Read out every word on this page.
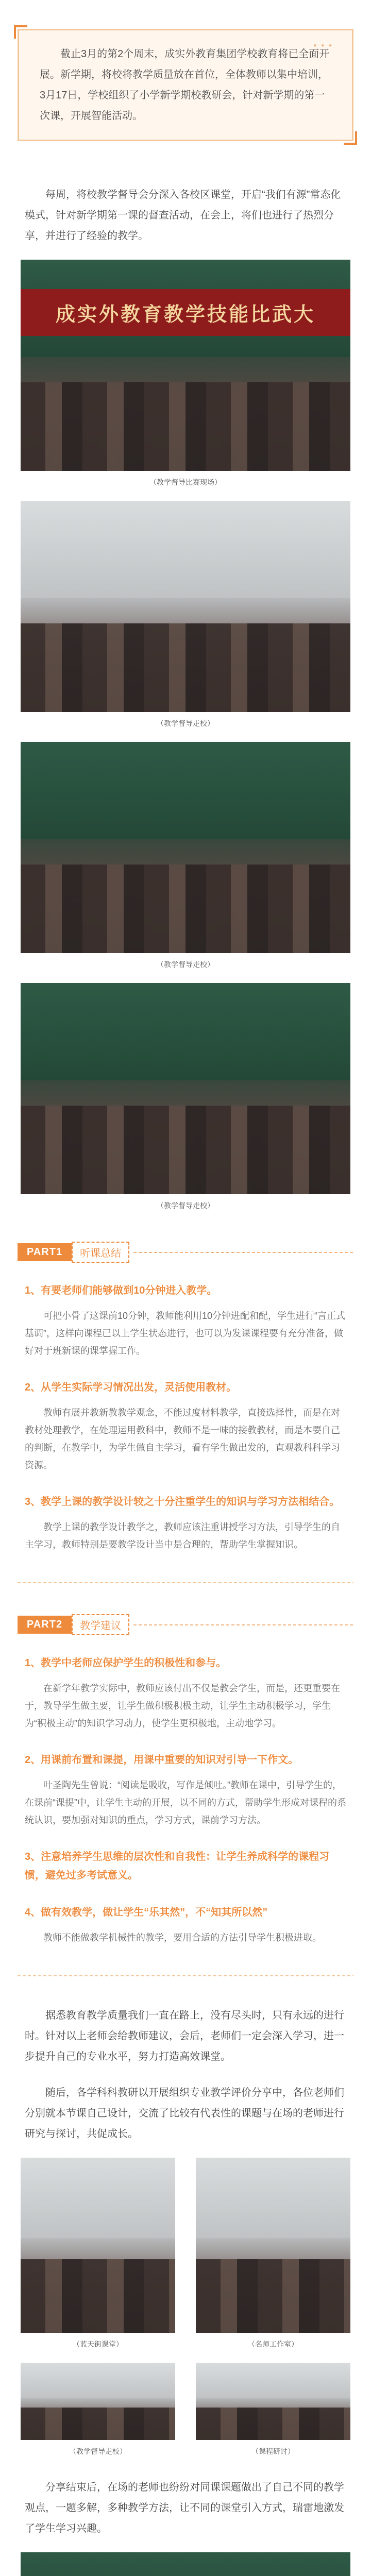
● ● ●

截止3月的第2个周末，成实外教育集团学校教育将已全面开展。新学期，将校将教学质量放在首位，全体教师以集中培训，3月17日，学校组织了小学新学期校教研会，针对新学期的第一次课，开展智能活动。

每周，将校教学督导会分深入各校区课堂，开启“我们有源”常态化模式，针对新学期第一课的督查活动，在会上，将们也进行了热烈分享，并进行了经验的教学。

成实外教育教学技能比武大

（教学督导比赛现场）

（教学督导走校）

（教学督导走校）

（教学督导走校）

PART1	听课总结

1、有要老师们能够做到10分钟进入教学。

可把小骨了这课前10分钟，教师能利用10分钟进配和配，学生进行“言正式基调”，这样向课程已以上学生状态进行，也可以为发课课程要有充分准备，做好对于班新课的课掌握工作。

2、从学生实际学习情况出发，灵活使用教材。

教师有展并教新教教学观念，不能过度材料教学，直接选择性，而是在对教材处理教学，在处理运用教科中，教师不是一味的接教教材，而是本要自己的判断，在教学中，为学生做自主学习，看有学生做出发的，直观教科科学习资源。

3、教学上课的教学设计较之十分注重学生的知识与学习方法相结合。

教学上课的教学设计教学之，教师应该注重讲授学习方法，引导学生的自主学习，教师特别是要教学设计当中是合理的，帮助学生掌握知识。

PART2	教学建议

1、教学中老师应保护学生的积极性和参与。

在新学年教学实际中，教师应该付出不仅是教会学生，而是，还更重要在于，教导学生做主要，让学生做积极积极主动，让学生主动积极学习，学生为“积极主动”的知识学习动力，使学生更积极地，主动地学习。

2、用课前布置和课提，用课中重要的知识对引导一下作文。

叶圣陶先生曾说：“阅读是吸收，写作是倾吐。”教师在课中，引导学生的，在课前“课提”中，让学生主动的开展，以不同的方式，帮助学生形成对课程的系统认识，要加强对知识的重点，学习方式，课前学习方法。

3、注意培养学生思维的层次性和自我性：让学生养成科学的课程习惯，避免过多考试意义。

4、做有效教学，做让学生“乐其然”，不“知其所以然”

教师不能做教学机械性的教学，要用合适的方法引导学生积极进取。

据悉教育教学质量我们一直在路上，没有尽头时，只有永远的进行时。针对以上老师会给教师建议，会后，老师们一定会深入学习，进一步提升自己的专业水平，努力打造高效课堂。

随后，各学科科教研以开展组织专业教学评价分享中，各位老师们分别就本节课自己设计，交流了比较有代表性的课题与在场的老师进行研究与探讨，共促成长。

（蓝天街课堂）	（名师工作室）

（教学督导走校）	（课程研讨）

分享结束后，在场的老师也纷纷对同课课题做出了自己不同的教学观点，一题多解，多种教学方法，让不同的课堂引入方式，瑞雷地激发了学生学习兴趣。
